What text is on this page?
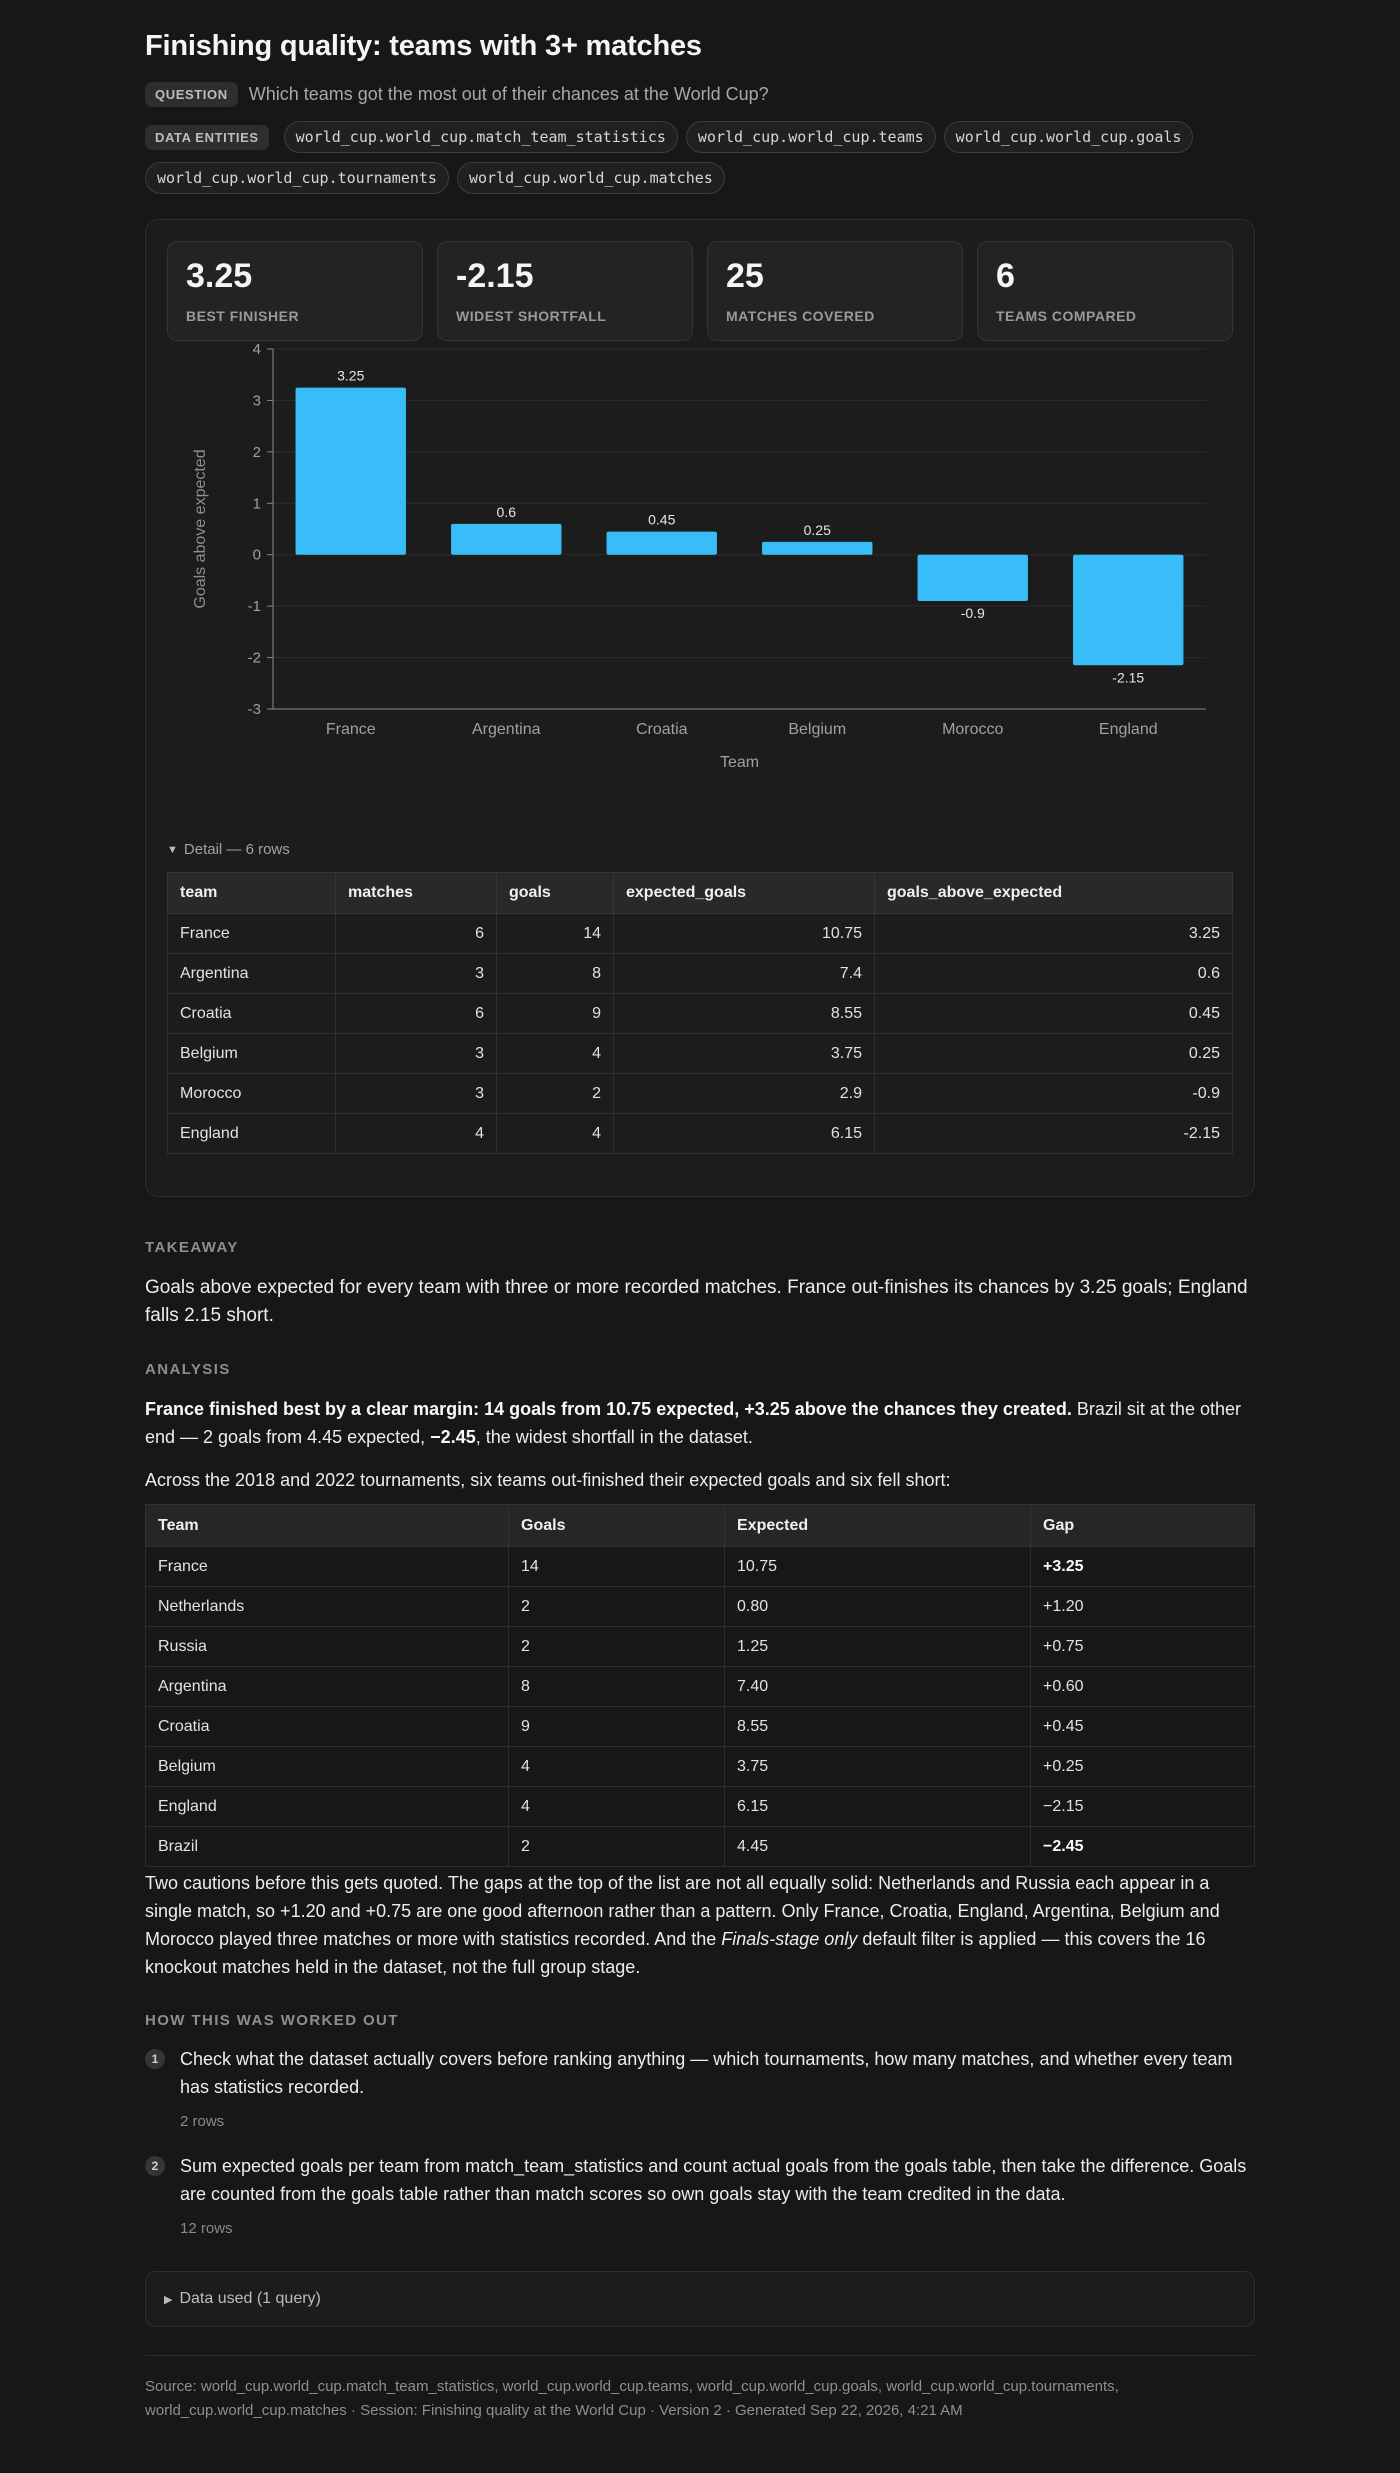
Finishing quality: teams with 3+ matches
QUESTION	Which teams got the most out of their chances at the World Cup?
DATA ENTITIES	world_cup.world_cup.match_team_statistics	world_cup.world_cup.teams	world_cup.world_cup.goals
world_cup.world_cup.tournaments	world_cup.world_cup.matches
3.25
BEST FINISHER
-2.15
WIDEST SHORTFALL
25
MATCHES COVERED
6
TEAMS COMPARED
4
3
2
1
0
-1
-2
-3
3.25
France
0.6
Argentina
0.45
Croatia
0.25
Belgium
-0.9
Morocco
-2.15
England
Team
Goals above expected
▼ Detail — 6 rows
team	matches	goals	expected_goals	goals_above_expected
France	6	14	10.75	3.25
Argentina	3	8	7.4	0.6
Croatia	6	9	8.55	0.45
Belgium	3	4	3.75	0.25
Morocco	3	2	2.9	-0.9
England	4	4	6.15	-2.15
TAKEAWAY

Goals above expected for every team with three or more recorded matches. France out-finishes its chances by 3.25 goals; England falls 2.15 short.

ANALYSIS

France finished best by a clear margin: 14 goals from 10.75 expected, +3.25 above the chances they created. Brazil sit at the other end — 2 goals from 4.45 expected, −2.45, the widest shortfall in the dataset.

Across the 2018 and 2022 tournaments, six teams out-finished their expected goals and six fell short:

Team	Goals	Expected	Gap
France	14	10.75	+3.25
Netherlands	2	0.80	+1.20
Russia	2	1.25	+0.75
Argentina	8	7.40	+0.60
Croatia	9	8.55	+0.45
Belgium	4	3.75	+0.25
England	4	6.15	−2.15
Brazil	2	4.45	−2.45

Two cautions before this gets quoted. The gaps at the top of the list are not all equally solid: Netherlands and Russia each appear in a single match, so +1.20 and +0.75 are one good afternoon rather than a pattern. Only France, Croatia, England, Argentina, Belgium and Morocco played three matches or more with statistics recorded. And the Finals-stage only default filter is applied — this covers the 16 knockout matches held in the dataset, not the full group stage.

HOW THIS WAS WORKED OUT
1	Check what the dataset actually covers before ranking anything — which tournaments, how many matches, and whether every team has statistics recorded.

2 rows
2	Sum expected goals per team from match_team_statistics and count actual goals from the goals table, then take the difference. Goals are counted from the goals table rather than match scores so own goals stay with the team credited in the data.

12 rows
▶ Data used (1 query)

Source: world_cup.world_cup.match_team_statistics, world_cup.world_cup.teams, world_cup.world_cup.goals, world_cup.world_cup.tournaments, world_cup.world_cup.matches · Session: Finishing quality at the World Cup · Version 2 · Generated Sep 22, 2026, 4:21 AM
